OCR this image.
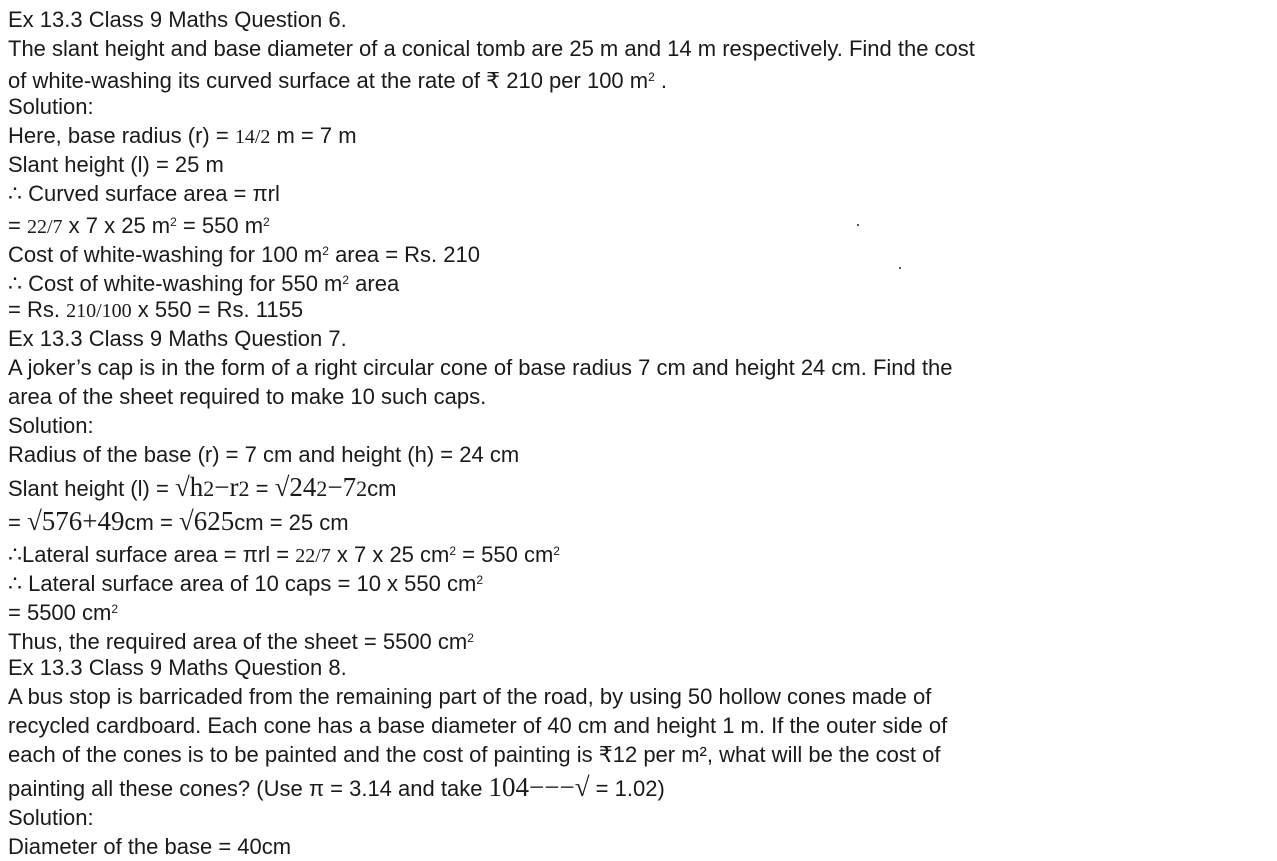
Ex 13.3 Class 9 Maths Question 6.
The slant height and base diameter of a conical tomb are 25 m and 14 m respectively. Find the cost
of white-washing its curved surface at the rate of ₹ 210 per 100 $m^2$ .
Solution:
Here, base radius (r) = 14/2 m = 7 m
Slant height (l) = 25 m
∴ Curved surface area = πrl
= 22/7 x 7 x 25 $m^2 = 550$ $m^2$
Cost of white-washing for 100 $m^2$ area = Rs. 210
∴ Cost of white-washing for 550 $m^2$ area
= Rs. 210/100 x 550 = Rs. 1155
Ex 13.3 Class 9 Maths Question 7.
A joker’s cap is in the form of a right circular cone of base radius 7 cm and height 24 cm. Find the
area of the sheet required to make 10 such caps.
Solution:
Radius of the base (r) = 7 cm and height (h) = 24 cm
Slant height (l) = √h2−r2 = √242−72cm
= √576+49cm = √625cm = 25 cm
∴Lateral surface area = πrl = 22/7 x 7 x 25 $cm^2 = 550$ $cm^2$
∴ Lateral surface area of 10 caps = 10 x 550 $cm^2$
= 5500 $cm^2$
Thus, the required area of the sheet = 5500 $cm^2$
Ex 13.3 Class 9 Maths Question 8.
A bus stop is barricaded from the remaining part of the road, by using 50 hollow cones made of
recycled cardboard. Each cone has a base diameter of 40 cm and height 1 m. If the outer side of
each of the cones is to be painted and the cost of painting is ₹12 per m², what will be the cost of
painting all these cones? (Use π = 3.14 and take 104−−−√ = 1.02)
Solution:
Diameter of the base = 40cm
